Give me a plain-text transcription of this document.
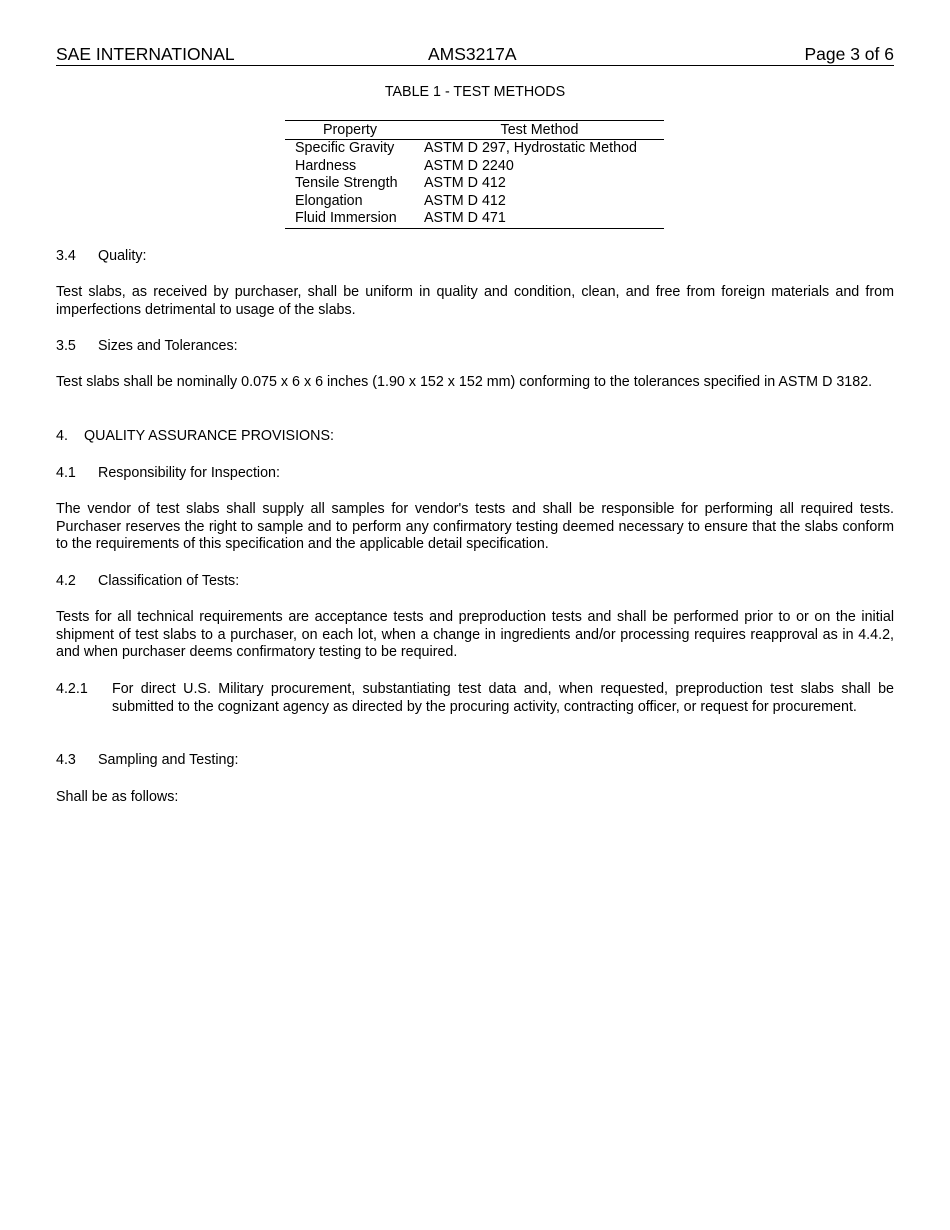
SAE INTERNATIONAL	AMS3217A	Page 3 of 6
TABLE 1 - TEST METHODS
Property	Test Method
Specific Gravity	ASTM D 297, Hydrostatic Method
Hardness	ASTM D 2240
Tensile Strength	ASTM D 412
Elongation	ASTM D 412
Fluid Immersion	ASTM D 471
3.4 Quality:
Test slabs, as received by purchaser, shall be uniform in quality and condition, clean, and free from foreign materials and from imperfections detrimental to usage of the slabs.
3.5 Sizes and Tolerances:
Test slabs shall be nominally 0.075 x 6 x 6 inches (1.90 x 152 x 152 mm) conforming to the tolerances specified in ASTM D 3182.
4. QUALITY ASSURANCE PROVISIONS:
4.1 Responsibility for Inspection:
The vendor of test slabs shall supply all samples for vendor's tests and shall be responsible for performing all required tests. Purchaser reserves the right to sample and to perform any confirmatory testing deemed necessary to ensure that the slabs conform to the requirements of this specification and the applicable detail specification.
4.2 Classification of Tests:
Tests for all technical requirements are acceptance tests and preproduction tests and shall be performed prior to or on the initial shipment of test slabs to a purchaser, on each lot, when a change in ingredients and/or processing requires reapproval as in 4.4.2, and when purchaser deems confirmatory testing to be required.
4.2.1 For direct U.S. Military procurement, substantiating test data and, when requested, preproduction test slabs shall be submitted to the cognizant agency as directed by the procuring activity, contracting officer, or request for procurement.
4.3 Sampling and Testing:
Shall be as follows:
